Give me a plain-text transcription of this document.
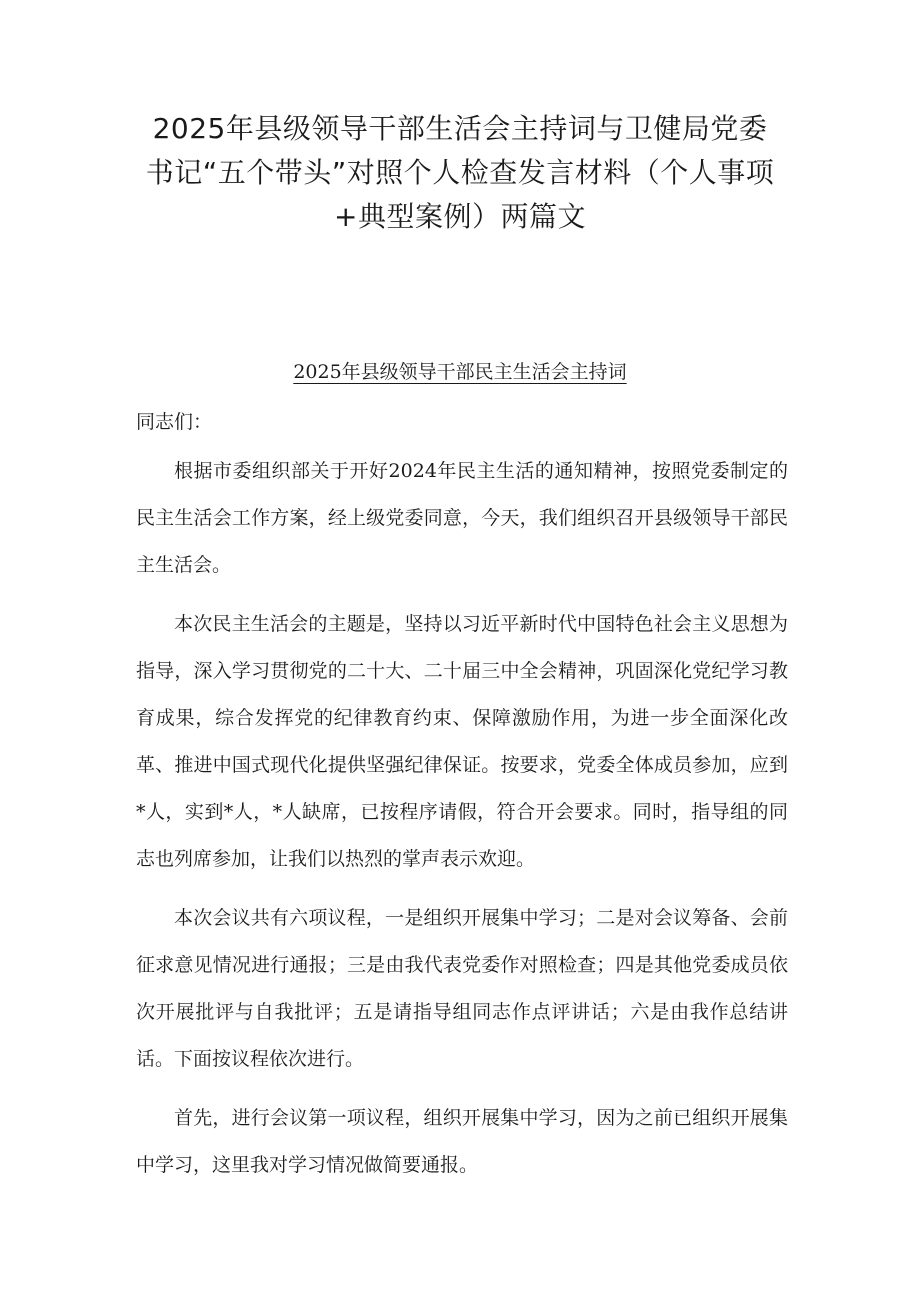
2025年县级领导干部生活会主持词与卫健局党委书记“五个带头”对照个人检查发言材料（个人事项+典型案例）两篇文
2025年县级领导干部民主生活会主持词

同志们：

根据市委组织部关于开好2024年民主生活的通知精神，按照党委制定的民主生活会工作方案，经上级党委同意，今天，我们组织召开县级领导干部民主生活会。

本次民主生活会的主题是，坚持以习近平新时代中国特色社会主义思想为指导，深入学习贯彻党的二十大、二十届三中全会精神，巩固深化党纪学习教育成果，综合发挥党的纪律教育约束、保障激励作用，为进一步全面深化改革、推进中国式现代化提供坚强纪律保证。按要求，党委全体成员参加，应到*人，实到*人，*人缺席，已按程序请假，符合开会要求。同时，指导组的同志也列席参加，让我们以热烈的掌声表示欢迎。

本次会议共有六项议程，一是组织开展集中学习；二是对会议筹备、会前征求意见情况进行通报；三是由我代表党委作对照检查；四是其他党委成员依次开展批评与自我批评；五是请指导组同志作点评讲话；六是由我作总结讲话。下面按议程依次进行。

首先，进行会议第一项议程，组织开展集中学习，因为之前已组织开展集中学习，这里我对学习情况做简要通报。
